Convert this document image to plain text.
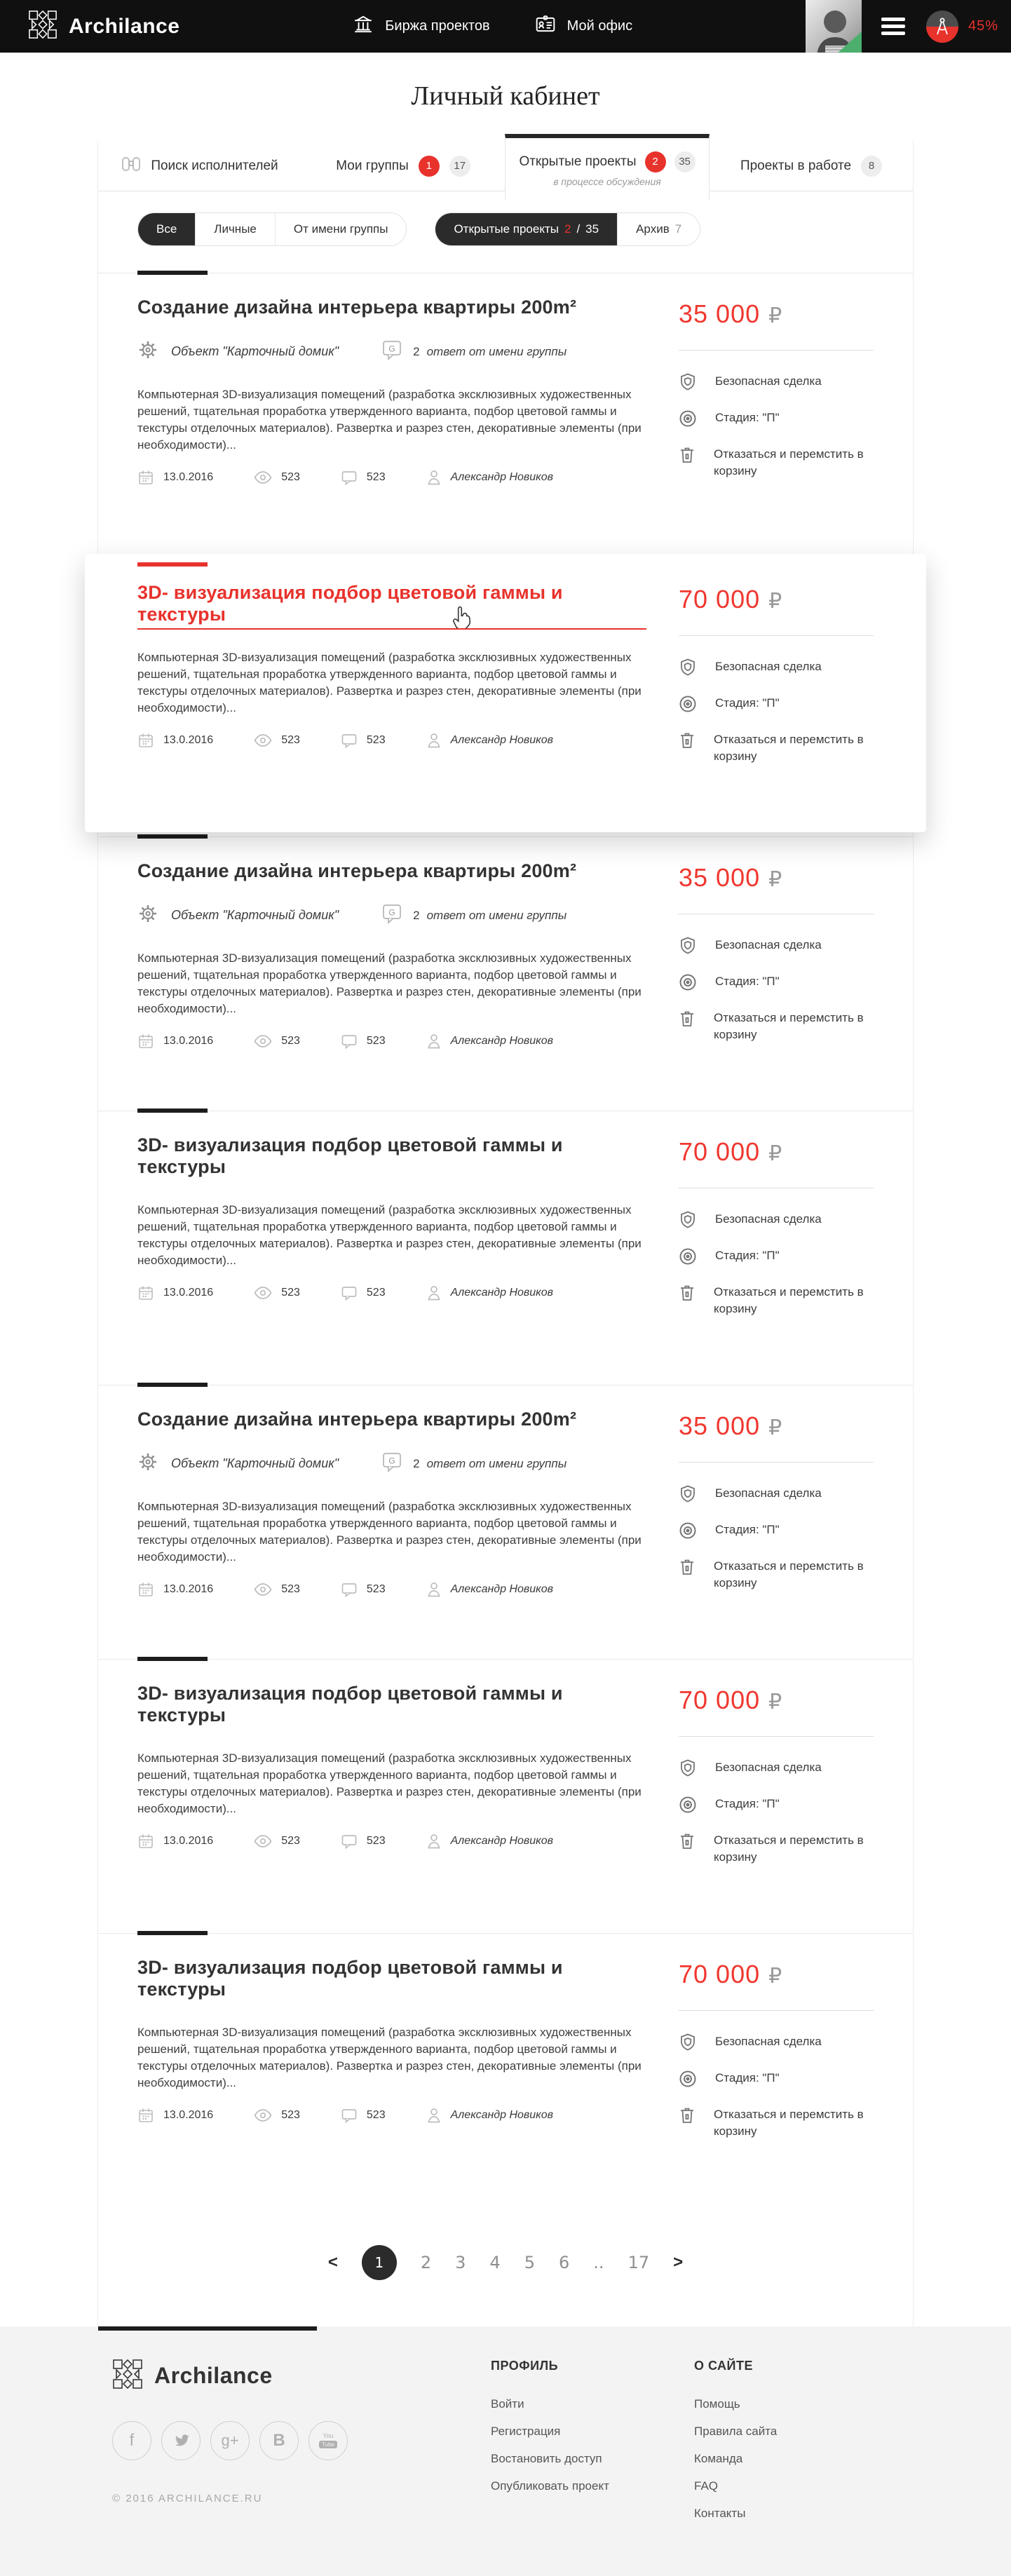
Archilance	Биржа проектов	Мой офис	45%
Личный кабинет
Поиск исполнителей	Мои группы	1	17	Открытые проекты	2	35
в процессе обсуждения
Проекты в работе	8
Все	Личные	От имени группы	Открытые проекты 2 / 35	Архив 7
Создание дизайна интерьера квартиры 200m²
Объект "Карточный домик"	G 2 ответ от имени группы

Компьютерная 3D-визуализация помещений (разработка эксклюзивных художественных решений, тщательная проработка утвержденного варианта, подбор цветовой гаммы и текстуры отделочных материалов). Развертка и разрез стен, декоративные элементы (при необходимости)...

13.0.2016	523	523	Александр Новиков
35 000 ₽
Безопасная сделка
Стадия: "П"
Отказаться и перемстить в корзину
3D- визуализация подбор цветовой гаммы и текстуры

Компьютерная 3D-визуализация помещений (разработка эксклюзивных художественных решений, тщательная проработка утвержденного варианта, подбор цветовой гаммы и текстуры отделочных материалов). Развертка и разрез стен, декоративные элементы (при необходимости)...

13.0.2016	523	523	Александр Новиков
70 000 ₽
Безопасная сделка
Стадия: "П"
Отказаться и перемстить в корзину
Создание дизайна интерьера квартиры 200m²
Объект "Карточный домик"	G 2 ответ от имени группы

Компьютерная 3D-визуализация помещений (разработка эксклюзивных художественных решений, тщательная проработка утвержденного варианта, подбор цветовой гаммы и текстуры отделочных материалов). Развертка и разрез стен, декоративные элементы (при необходимости)...

13.0.2016	523	523	Александр Новиков
35 000 ₽
Безопасная сделка
Стадия: "П"
Отказаться и перемстить в корзину
3D- визуализация подбор цветовой гаммы и текстуры

Компьютерная 3D-визуализация помещений (разработка эксклюзивных художественных решений, тщательная проработка утвержденного варианта, подбор цветовой гаммы и текстуры отделочных материалов). Развертка и разрез стен, декоративные элементы (при необходимости)...

13.0.2016	523	523	Александр Новиков
70 000 ₽
Безопасная сделка
Стадия: "П"
Отказаться и перемстить в корзину
Создание дизайна интерьера квартиры 200m²
Объект "Карточный домик"	G 2 ответ от имени группы

Компьютерная 3D-визуализация помещений (разработка эксклюзивных художественных решений, тщательная проработка утвержденного варианта, подбор цветовой гаммы и текстуры отделочных материалов). Развертка и разрез стен, декоративные элементы (при необходимости)...

13.0.2016	523	523	Александр Новиков
35 000 ₽
Безопасная сделка
Стадия: "П"
Отказаться и перемстить в корзину
3D- визуализация подбор цветовой гаммы и текстуры

Компьютерная 3D-визуализация помещений (разработка эксклюзивных художественных решений, тщательная проработка утвержденного варианта, подбор цветовой гаммы и текстуры отделочных материалов). Развертка и разрез стен, декоративные элементы (при необходимости)...

13.0.2016	523	523	Александр Новиков
70 000 ₽
Безопасная сделка
Стадия: "П"
Отказаться и перемстить в корзину
3D- визуализация подбор цветовой гаммы и текстуры

Компьютерная 3D-визуализация помещений (разработка эксклюзивных художественных решений, тщательная проработка утвержденного варианта, подбор цветовой гаммы и текстуры отделочных материалов). Развертка и разрез стен, декоративные элементы (при необходимости)...

13.0.2016	523	523	Александр Новиков
70 000 ₽
Безопасная сделка
Стадия: "П"
Отказаться и перемстить в корзину
<	1	2 3 4 5 6 .. 17 >
Archilance
f	g+ B	You
Tube
© 2016 ARCHILANCE.RU
ПРОФИЛЬ
Войти
Регистрация
Востановить доступ
Опубликовать проект
О САЙТЕ
Помощь
Правила сайта
Команда
FAQ
Контакты
